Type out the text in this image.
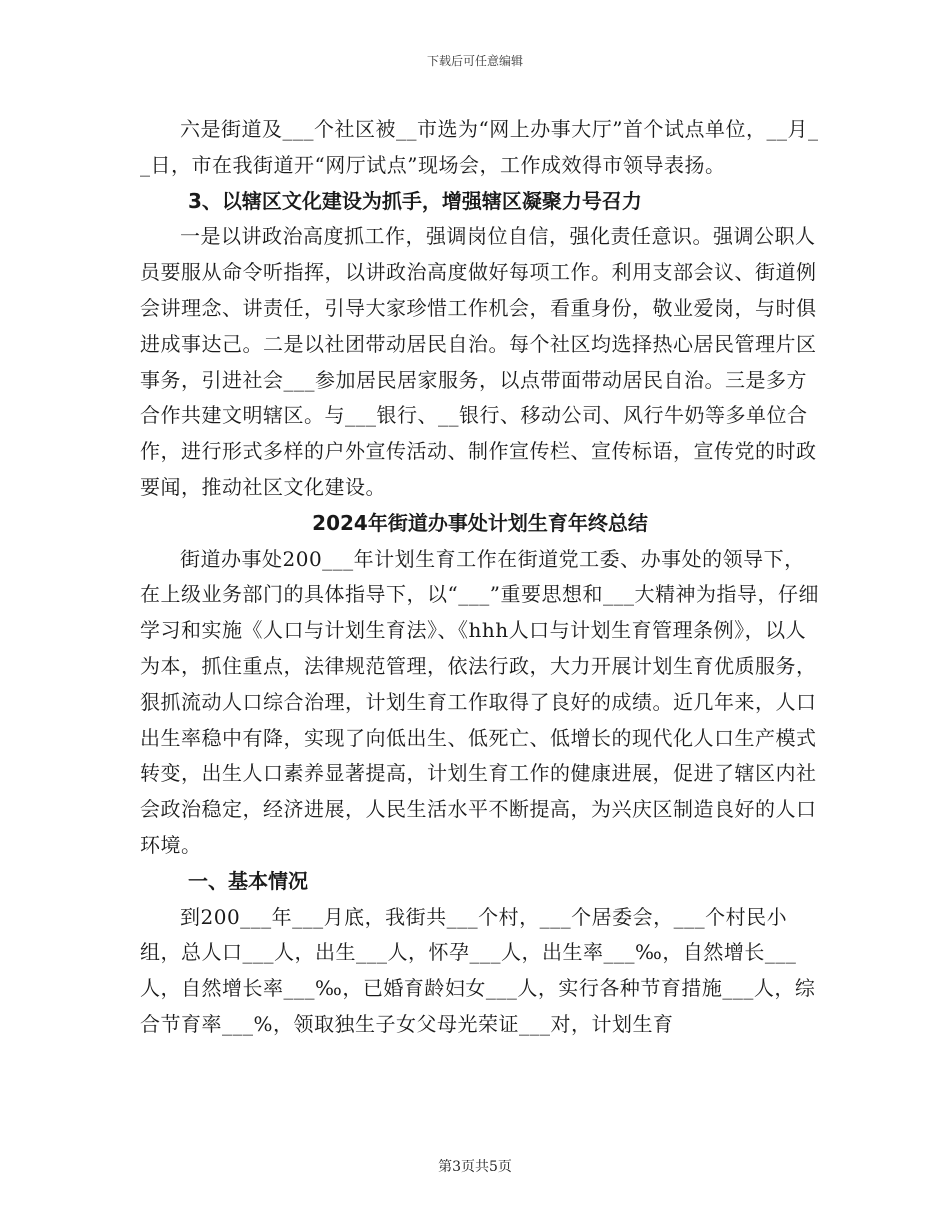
下载后可任意编辑

六是街道及___个社区被__市选为“网上办事大厅”首个试点单位，__月__日，市在我街道开“网厅试点”现场会，工作成效得市领导表扬。

3、以辖区文化建设为抓手，增强辖区凝聚力号召力

一是以讲政治高度抓工作，强调岗位自信，强化责任意识。强调公职人员要服从命令听指挥，以讲政治高度做好每项工作。利用支部会议、街道例会讲理念、讲责任，引导大家珍惜工作机会，看重身份，敬业爱岗，与时俱进成事达己。二是以社团带动居民自治。每个社区均选择热心居民管理片区事务，引进社会___参加居民居家服务，以点带面带动居民自治。三是多方合作共建文明辖区。与___银行、__银行、移动公司、风行牛奶等多单位合作，进行形式多样的户外宣传活动、制作宣传栏、宣传标语，宣传党的时政要闻，推动社区文化建设。

2024年街道办事处计划生育年终总结

街道办事处200___年计划生育工作在街道党工委、办事处的领导下，在上级业务部门的具体指导下，以“___”重要思想和___大精神为指导，仔细学习和实施《人口与计划生育法》、《hhh人口与计划生育管理条例》，以人为本，抓住重点，法律规范管理，依法行政，大力开展计划生育优质服务，狠抓流动人口综合治理，计划生育工作取得了良好的成绩。近几年来，人口出生率稳中有降，实现了向低出生、低死亡、低增长的现代化人口生产模式转变，出生人口素养显著提高，计划生育工作的健康进展，促进了辖区内社会政治稳定，经济进展，人民生活水平不断提高，为兴庆区制造良好的人口环境。

一、基本情况

到200___年___月底，我街共___个村，___个居委会，___个村民小组，总人口___人，出生___人，怀孕___人，出生率___‰，自然增长___人，自然增长率___‰，已婚育龄妇女___人，实行各种节育措施___人，综合节育率___%，领取独生子女父母光荣证___对，计划生育

第3页共5页
